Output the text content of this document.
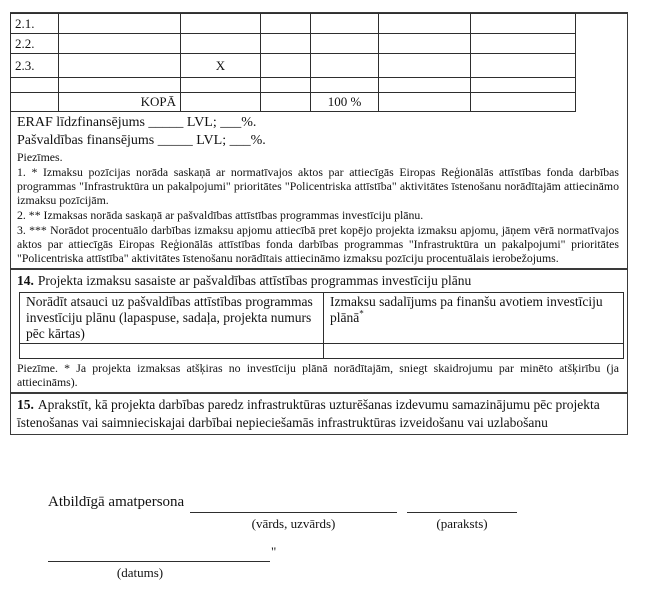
2.1.						
2.2.						
2.3.		X				

	KOPĀ			100 %		
ERAF līdzfinansējums _____ LVL; ___%.
Pašvaldības finansējums _____ LVL; ___%.
Piezīmes.

1. * Izmaksu pozīcijas norāda saskaņā ar normatīvajos aktos par attiecīgās Eiropas Reģionālās attīstības fonda darbības programmas "Infrastruktūra un pakalpojumi" prioritātes "Policentriska attīstība" aktivitātes īstenošanu norādītajām attiecināmo izmaksu pozīcijām.

2. ** Izmaksas norāda saskaņā ar pašvaldības attīstības programmas investīciju plānu.

3. *** Norādot procentuālo darbības izmaksu apjomu attiecībā pret kopējo projekta izmaksu apjomu, jāņem vērā normatīvajos aktos par attiecīgās Eiropas Reģionālās attīstības fonda darbības programmas "Infrastruktūra un pakalpojumi" prioritātes "Policentriska attīstība" aktivitātes īstenošanu norādītais attiecināmo izmaksu pozīciju procentuālais ierobežojums.

14. Projekta izmaksu sasaiste ar pašvaldības attīstības programmas investīciju plānu
Norādīt atsauci uz pašvaldības attīstības programmas investīciju plānu (lapaspuse, sadaļa, projekta numurs pēc kārtas)	Izmaksu sadalījums pa finanšu avotiem investīciju plānā*

Piezīme. * Ja projekta izmaksas atšķiras no investīciju plānā norādītajām, sniegt skaidrojumu par minēto atšķirību (ja attiecināms).
15. Aprakstīt, kā projekta darbības paredz infrastruktūras uzturēšanas izdevumu samazinājumu pēc projekta īstenošanas vai saimnieciskajai darbībai nepieciešamās infrastruktūras izveidošanu vai uzlabošanu
Atbildīgā amatpersona
(vārds, uzvārds)	(paraksts)
"
(datums)
